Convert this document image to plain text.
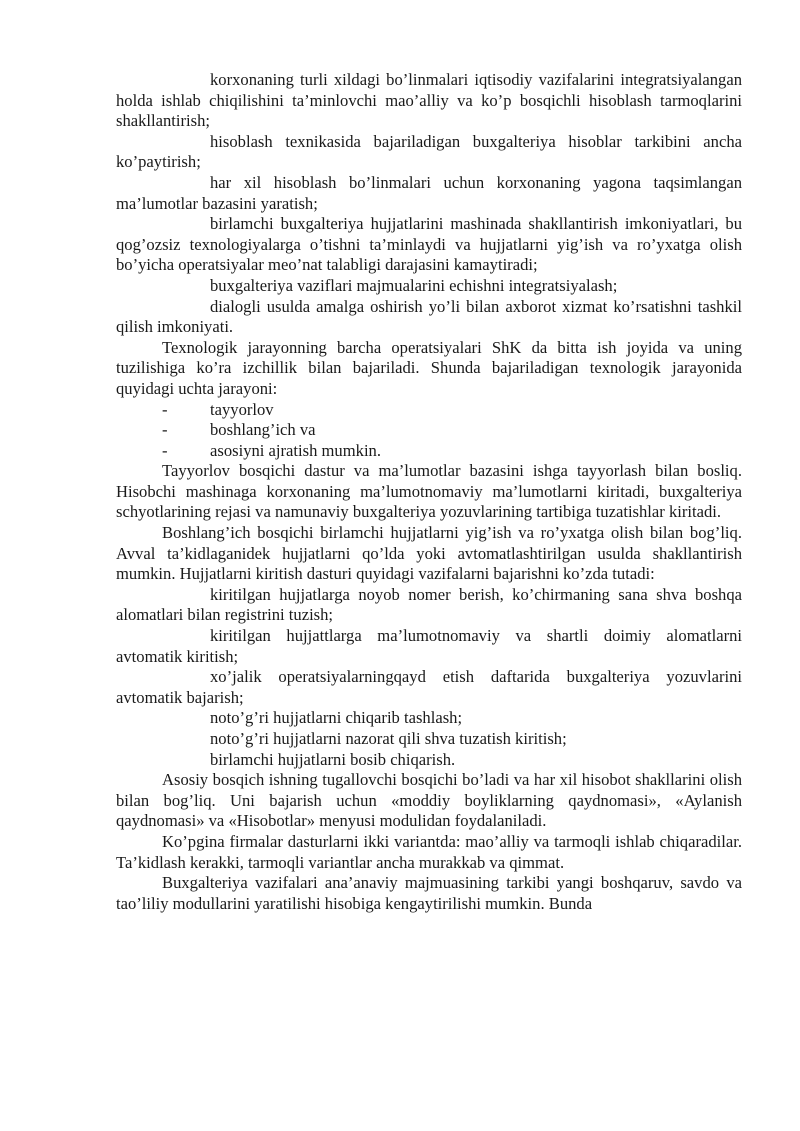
korxonaning turli xildagi bo’linmalari iqtisodiy vazifalarini integratsiyalangan holda ishlab chiqilishini ta’minlovchi mao’alliy va ko’p bosqichli hisoblash tarmoqlarini shakllantirish;

hisoblash texnikasida bajariladigan buxgalteriya hisoblar tarkibini ancha ko’paytirish;

har xil hisoblash bo’linmalari uchun korxonaning yagona taqsimlangan ma’lumotlar bazasini yaratish;

birlamchi buxgalteriya hujjatlarini mashinada shakllantirish imkoniyatlari, bu qog’ozsiz texnologiyalarga o’tishni ta’minlaydi va hujjatlarni yig’ish va ro’yxatga olish bo’yicha operatsiyalar meo’nat talabligi darajasini kamaytiradi;

buxgalteriya vaziflari majmualarini echishni integratsiyalash;

dialogli usulda amalga oshirish yo’li bilan axborot xizmat ko’rsatishni tashkil qilish imkoniyati.

Texnologik jarayonning barcha operatsiyalari ShK da bitta ish joyida va uning tuzilishiga ko’ra izchillik bilan bajariladi. Shunda bajariladigan texnologik jarayonida quyidagi uchta jarayoni:

-	tayyorlov
-	boshlang’ich va
-	asosiyni ajratish mumkin.

Tayyorlov bosqichi dastur va ma’lumotlar bazasini ishga tayyorlash bilan bosliq. Hisobchi mashinaga korxonaning ma’lumotnomaviy ma’lumotlarni kiritadi, buxgalteriya schyotlarining rejasi va namunaviy buxgalteriya yozuvlarining tartibiga tuzatishlar kiritadi.

Boshlang’ich bosqichi birlamchi hujjatlarni yig’ish va ro’yxatga olish bilan bog’liq. Avval ta’kidlaganidek hujjatlarni qo’lda yoki avtomatlashtirilgan usulda shakllantirish mumkin. Hujjatlarni kiritish dasturi quyidagi vazifalarni bajarishni ko’zda tutadi:

kiritilgan hujjatlarga noyob nomer berish, ko’chirmaning sana shva boshqa alomatlari bilan registrini tuzish;

kiritilgan hujjattlarga ma’lumotnomaviy va shartli doimiy alomatlarni avtomatik kiritish;

xo’jalik operatsiyalarningqayd etish daftarida buxgalteriya yozuvlarini avtomatik bajarish;

noto’g’ri hujjatlarni chiqarib tashlash;

noto’g’ri hujjatlarni nazorat qili shva tuzatish kiritish;

birlamchi hujjatlarni bosib chiqarish.

Asosiy bosqich ishning tugallovchi bosqichi bo’ladi va har xil hisobot shakllarini olish bilan bog’liq. Uni bajarish uchun «moddiy boyliklarning qaydnomasi», «Aylanish qaydnomasi» va «Hisobotlar» menyusi modulidan foydalaniladi.

Ko’pgina firmalar dasturlarni ikki variantda: mao’alliy va tarmoqli ishlab chiqaradilar. Ta’kidlash kerakki, tarmoqli variantlar ancha murakkab va qimmat.

Buxgalteriya vazifalari ana’anaviy majmuasining tarkibi yangi boshqaruv, savdo va tao’liliy modullarini yaratilishi hisobiga kengaytirilishi mumkin. Bunda
